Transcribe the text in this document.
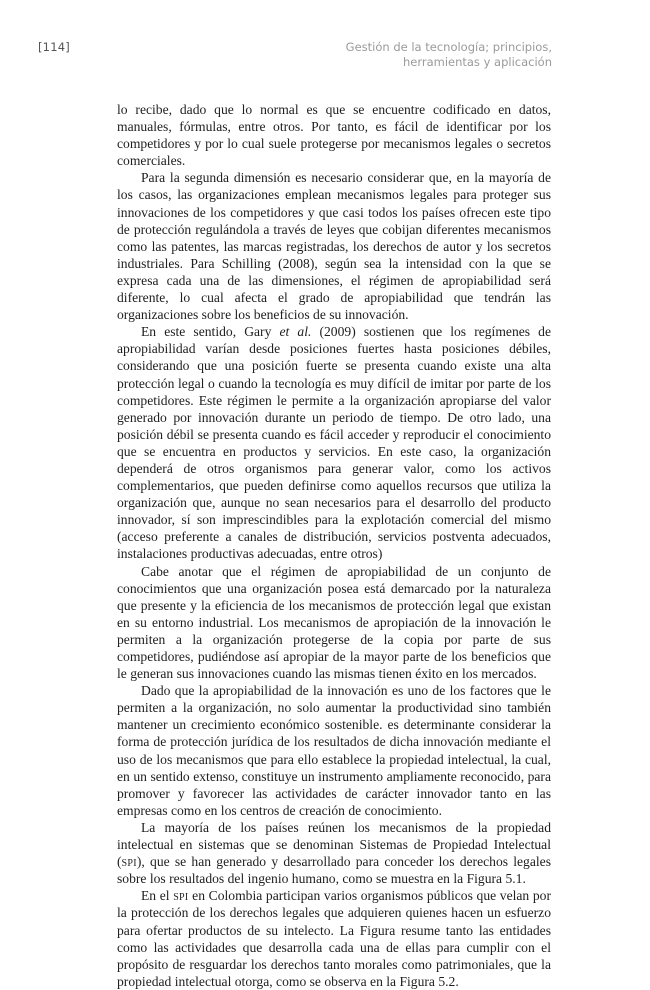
[114]	Gestión de la tecnología; principios,
herramientas y aplicación

lo recibe, dado que lo normal es que se encuentre codificado en datos, manuales, fórmulas, entre otros. Por tanto, es fácil de identificar por los competidores y por lo cual suele protegerse por mecanismos legales o secretos comerciales.

Para la segunda dimensión es necesario considerar que, en la mayoría de los casos, las organizaciones emplean mecanismos legales para proteger sus innovaciones de los competidores y que casi todos los países ofrecen este tipo de protección regulándola a través de leyes que cobijan diferentes mecanismos como las patentes, las marcas registradas, los derechos de autor y los secretos industriales. Para Schilling (2008), según sea la intensidad con la que se expresa cada una de las dimensiones, el régimen de apropiabilidad será diferente, lo cual afecta el grado de apropiabilidad que tendrán las organizaciones sobre los beneficios de su innovación.

En este sentido, Gary et al. (2009) sostienen que los regímenes de apropiabilidad varían desde posiciones fuertes hasta posiciones débiles, considerando que una posición fuerte se presenta cuando existe una alta protección legal o cuando la tecnología es muy difícil de imitar por parte de los competidores. Este régimen le permite a la organización apropiarse del valor generado por innovación durante un periodo de tiempo. De otro lado, una posición débil se presenta cuando es fácil acceder y reproducir el conocimiento que se encuentra en productos y servicios. En este caso, la organización dependerá de otros organismos para generar valor, como los activos complementarios, que pueden definirse como aquellos recursos que utiliza la organización que, aunque no sean necesarios para el desarrollo del producto innovador, sí son imprescindibles para la explotación comercial del mismo (acceso preferente a canales de distribución, servicios postventa adecuados, instalaciones productivas adecuadas, entre otros)

Cabe anotar que el régimen de apropiabilidad de un conjunto de conocimientos que una organización posea está demarcado por la naturaleza que presente y la eficiencia de los mecanismos de protección legal que existan en su entorno industrial. Los mecanismos de apropiación de la innovación le permiten a la organización protegerse de la copia por parte de sus competidores, pudiéndose así apropiar de la mayor parte de los beneficios que le generan sus innovaciones cuando las mismas tienen éxito en los mercados.

Dado que la apropiabilidad de la innovación es uno de los factores que le permiten a la organización, no solo aumentar la productividad sino también mantener un crecimiento económico sostenible. es determinante considerar la forma de protección jurídica de los resultados de dicha innovación mediante el uso de los mecanismos que para ello establece la propiedad intelectual, la cual, en un sentido extenso, constituye un instrumento ampliamente reconocido, para promover y favorecer las actividades de carácter innovador tanto en las empresas como en los centros de creación de conocimiento.

La mayoría de los países reúnen los mecanismos de la propiedad intelectual en sistemas que se denominan Sistemas de Propiedad Intelectual (spi), que se han generado y desarrollado para conceder los derechos legales sobre los resultados del ingenio humano, como se muestra en la Figura 5.1.

En el spi en Colombia participan varios organismos públicos que velan por la protección de los derechos legales que adquieren quienes hacen un esfuerzo para ofertar productos de su intelecto. La Figura resume tanto las entidades como las actividades que desarrolla cada una de ellas para cumplir con el propósito de resguardar los derechos tanto morales como patrimoniales, que la propiedad intelectual otorga, como se observa en la Figura 5.2.
